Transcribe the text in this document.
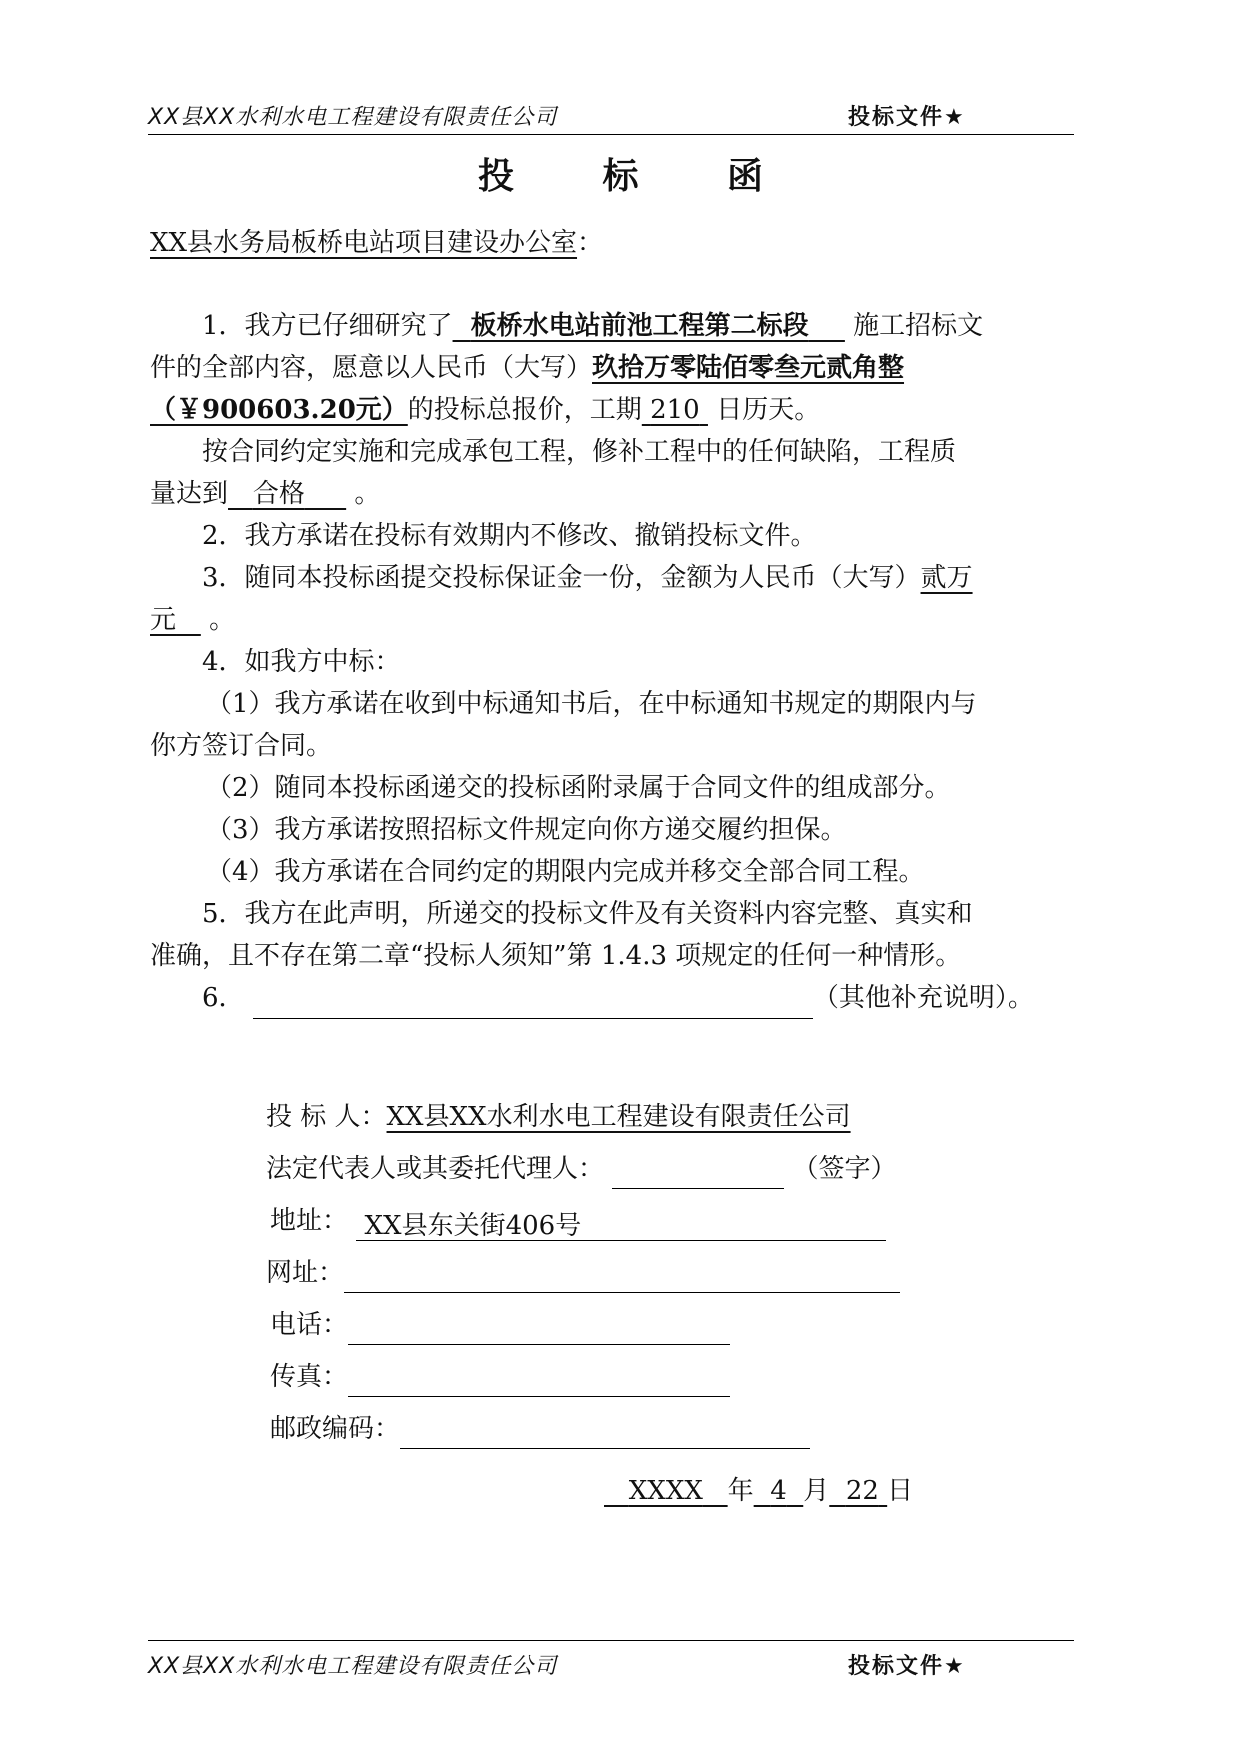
XX县XX水利水电工程建设有限责任公司	投标文件★
投 标 函
XX县水务局板桥电站项目建设办公室：
1．我方已仔细研究了 板桥水电站前池工程第二标段 施工招标文
件的全部内容，愿意以人民币（大写）玖拾万零陆佰零叁元贰角整
（￥900603.20元）的投标总报价，工期 210 日历天。
按合同约定实施和完成承包工程，修补工程中的任何缺陷，工程质
量达到 合格 。
2．我方承诺在投标有效期内不修改、撤销投标文件。
3．随同本投标函提交投标保证金一份，金额为人民币（大写）贰万
元 。
4．如我方中标：
（1）我方承诺在收到中标通知书后，在中标通知书规定的期限内与
你方签订合同。
（2）随同本投标函递交的投标函附录属于合同文件的组成部分。
（3）我方承诺按照招标文件规定向你方递交履约担保。
（4）我方承诺在合同约定的期限内完成并移交全部合同工程。
5．我方在此声明，所递交的投标文件及有关资料内容完整、真实和
准确，且不存在第二章“投标人须知”第 1.4.3 项规定的任何一种情形。
6．	（其他补充说明）。
投 标 人：XX县XX水利水电工程建设有限责任公司
法定代表人或其委托代理人：	（签字）
地址： XX县东关街406号
网址：
电话：
传真：
邮政编码：
XXXX 年 4 月 22 日
XX县XX水利水电工程建设有限责任公司	投标文件★
